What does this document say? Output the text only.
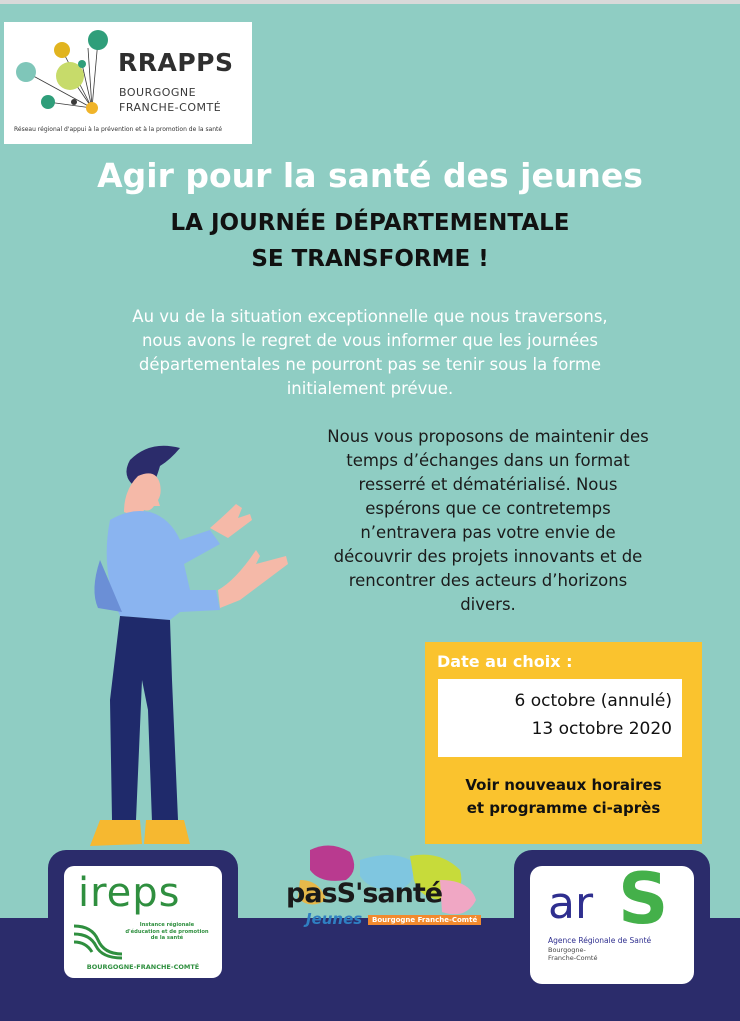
RRAPPS
BOURGOGNE
FRANCHE-COMTÉ
Réseau régional d'appui à la prévention et à la promotion de la santé
Agir pour la santé des jeunes
LA JOURNÉE DÉPARTEMENTALE
SE TRANSFORME !
Au vu de la situation exceptionnelle que nous traversons,
nous avons le regret de vous informer que les journées
départementales ne pourront pas se tenir sous la forme
initialement prévue.
Nous vous proposons de maintenir des
temps d’échanges dans un format
resserré et dématérialisé. Nous
espérons que ce contretemps
n’entravera pas votre envie de
découvrir des projets innovants et de
rencontrer des acteurs d’horizons
divers.
Date au choix :
6 octobre (annulé)
13 octobre 2020
Voir nouveaux horaires
et programme ci-après
ireps
Instance régionale d'éducation et de promotion de la santé
BOURGOGNE-FRANCHE-COMTÉ
pasS'santé
Jeunes	Bourgogne Franche-Comté ar S
Agence Régionale de Santé
Bourgogne-
Franche-Comté
